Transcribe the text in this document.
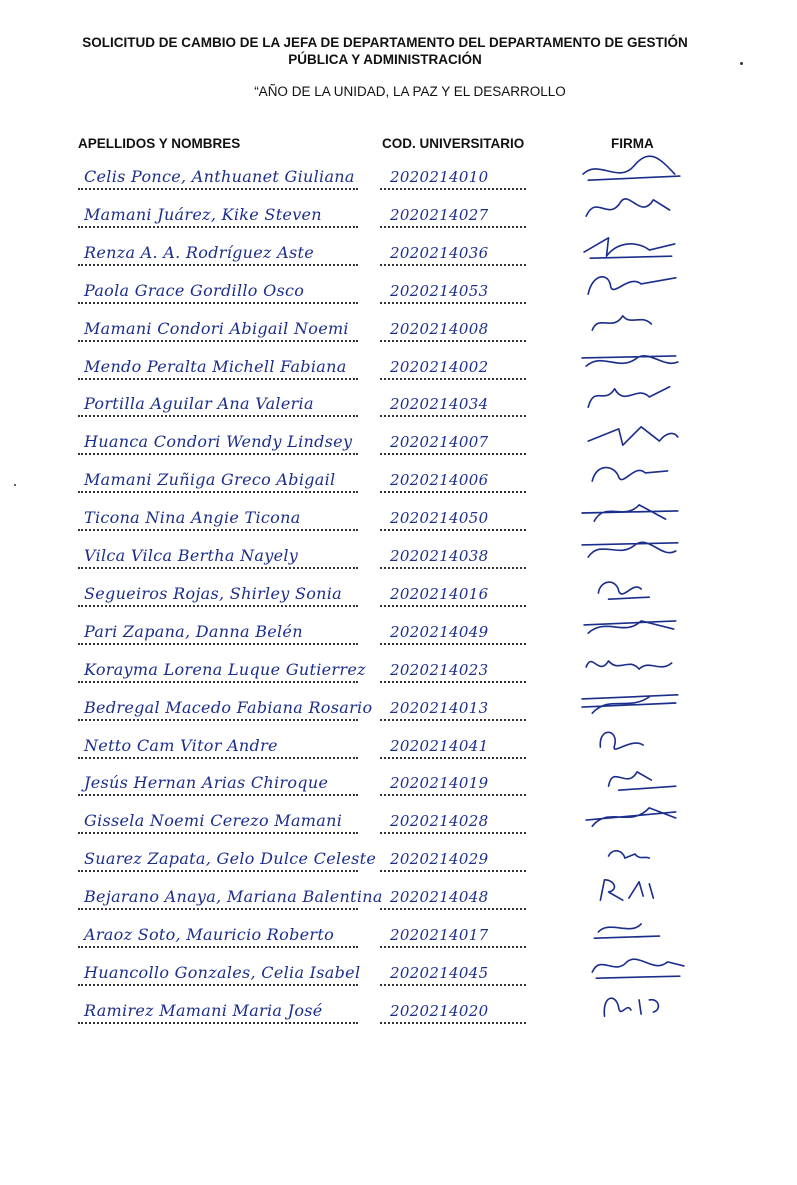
SOLICITUD DE CAMBIO DE LA JEFA DE DEPARTAMENTO DEL DEPARTAMENTO DE GESTIÓN
PÚBLICA Y ADMINISTRACIÓN
“AÑO DE LA UNIDAD, LA PAZ Y EL DESARROLLO
APELLIDOS Y NOMBRES	COD. UNIVERSITARIO	FIRMA
Celis Ponce, Anthuanet Giuliana 2020214010
Mamani Juárez, Kike Steven	2020214027
Renza A. A. Rodríguez Aste	2020214036
Paola Grace Gordillo Osco	2020214053
Mamani Condori Abigail Noemi	2020214008
Mendo Peralta Michell Fabiana	2020214002
Portilla Aguilar Ana Valeria	2020214034
Huanca Condori Wendy Lindsey	2020214007
Mamani Zuñiga Greco Abigail	2020214006
Ticona Nina Angie Ticona	2020214050
Vilca Vilca Bertha Nayely	2020214038
Segueiros Rojas, Shirley Sonia	2020214016
Pari Zapana, Danna Belén	2020214049
Koraymа Lorena Luque Gutierrez 2020214023
Bedregal Macedo Fabiana Rosario 2020214013
Netto Cam Vitor Andre	2020214041
Jesús Hernan Arias Chiroque	2020214019
Gissela Noemi Cerezo Mamani	2020214028
Suarez Zapata, Gelo Dulce Celeste 2020214029
Bejarano Anaya, Mariana Balentina 2020214048
Araoz Soto, Mauricio Roberto	2020214017
Huancollo Gonzales, Celia Isabel 2020214045
Ramirez Mamani Maria José	2020214020
